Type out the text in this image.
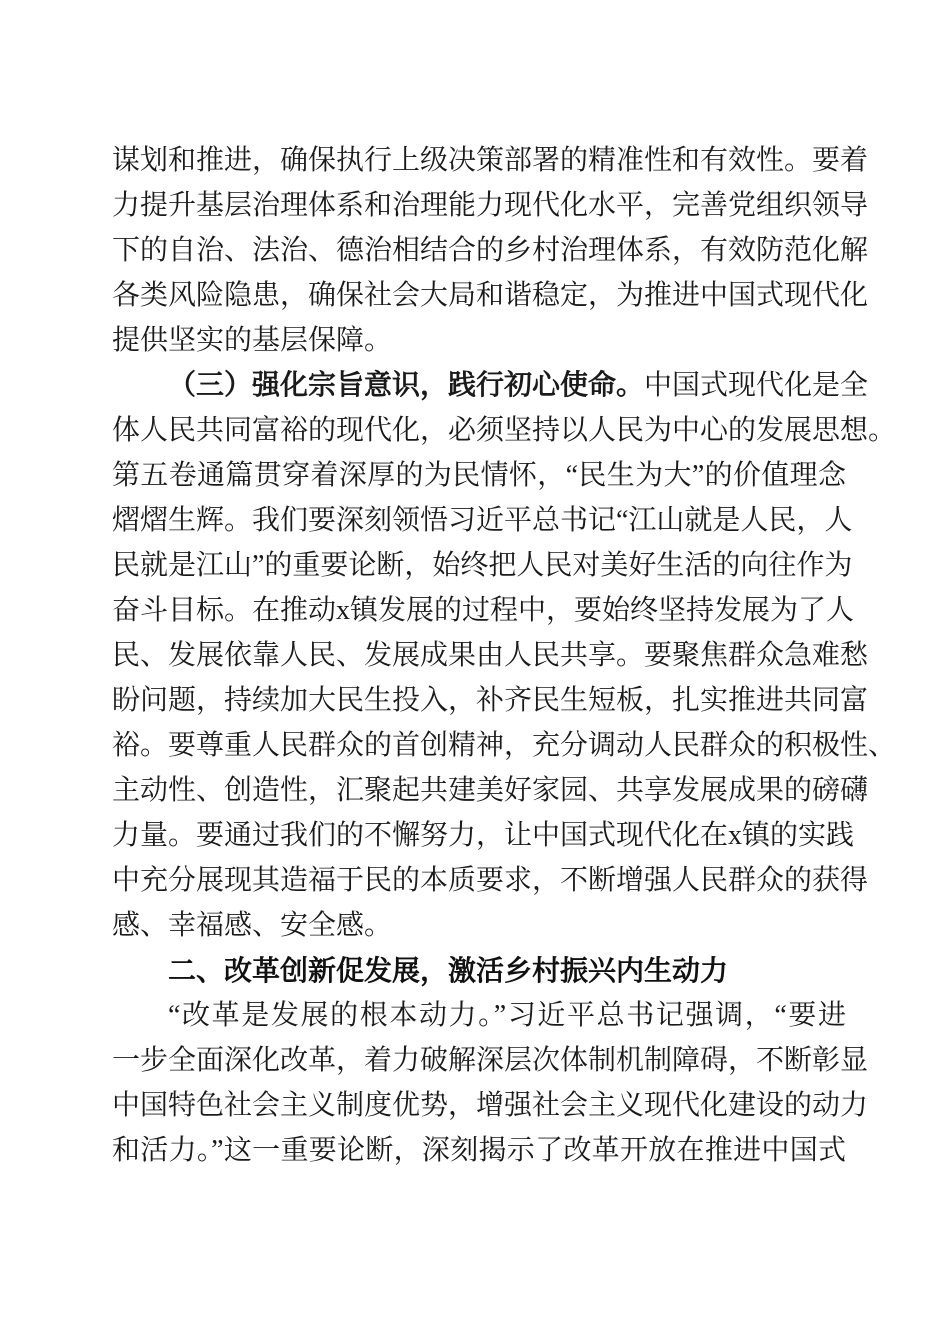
谋划和推进，确保执行上级决策部署的精准性和有效性。要着
力提升基层治理体系和治理能力现代化水平，完善党组织领导
下的自治、法治、德治相结合的乡村治理体系，有效防范化解
各类风险隐患，确保社会大局和谐稳定，为推进中国式现代化
提供坚实的基层保障。
（三）强化宗旨意识，践行初心使命。中国式现代化是全
体人民共同富裕的现代化，必须坚持以人民为中心的发展思想。
第五卷通篇贯穿着深厚的为民情怀，“民生为大”的价值理念
熠熠生辉。我们要深刻领悟习近平总书记“江山就是人民，人
民就是江山”的重要论断，始终把人民对美好生活的向往作为
奋斗目标。在推动x镇发展的过程中，要始终坚持发展为了人
民、发展依靠人民、发展成果由人民共享。要聚焦群众急难愁
盼问题，持续加大民生投入，补齐民生短板，扎实推进共同富
裕。要尊重人民群众的首创精神，充分调动人民群众的积极性、
主动性、创造性，汇聚起共建美好家园、共享发展成果的磅礴
力量。要通过我们的不懈努力，让中国式现代化在x镇的实践
中充分展现其造福于民的本质要求，不断增强人民群众的获得
感、幸福感、安全感。
二、改革创新促发展，激活乡村振兴内生动力
“改革是发展的根本动力。”习近平总书记强调，“要进
一步全面深化改革，着力破解深层次体制机制障碍，不断彰显
中国特色社会主义制度优势，增强社会主义现代化建设的动力
和活力。”这一重要论断，深刻揭示了改革开放在推进中国式
